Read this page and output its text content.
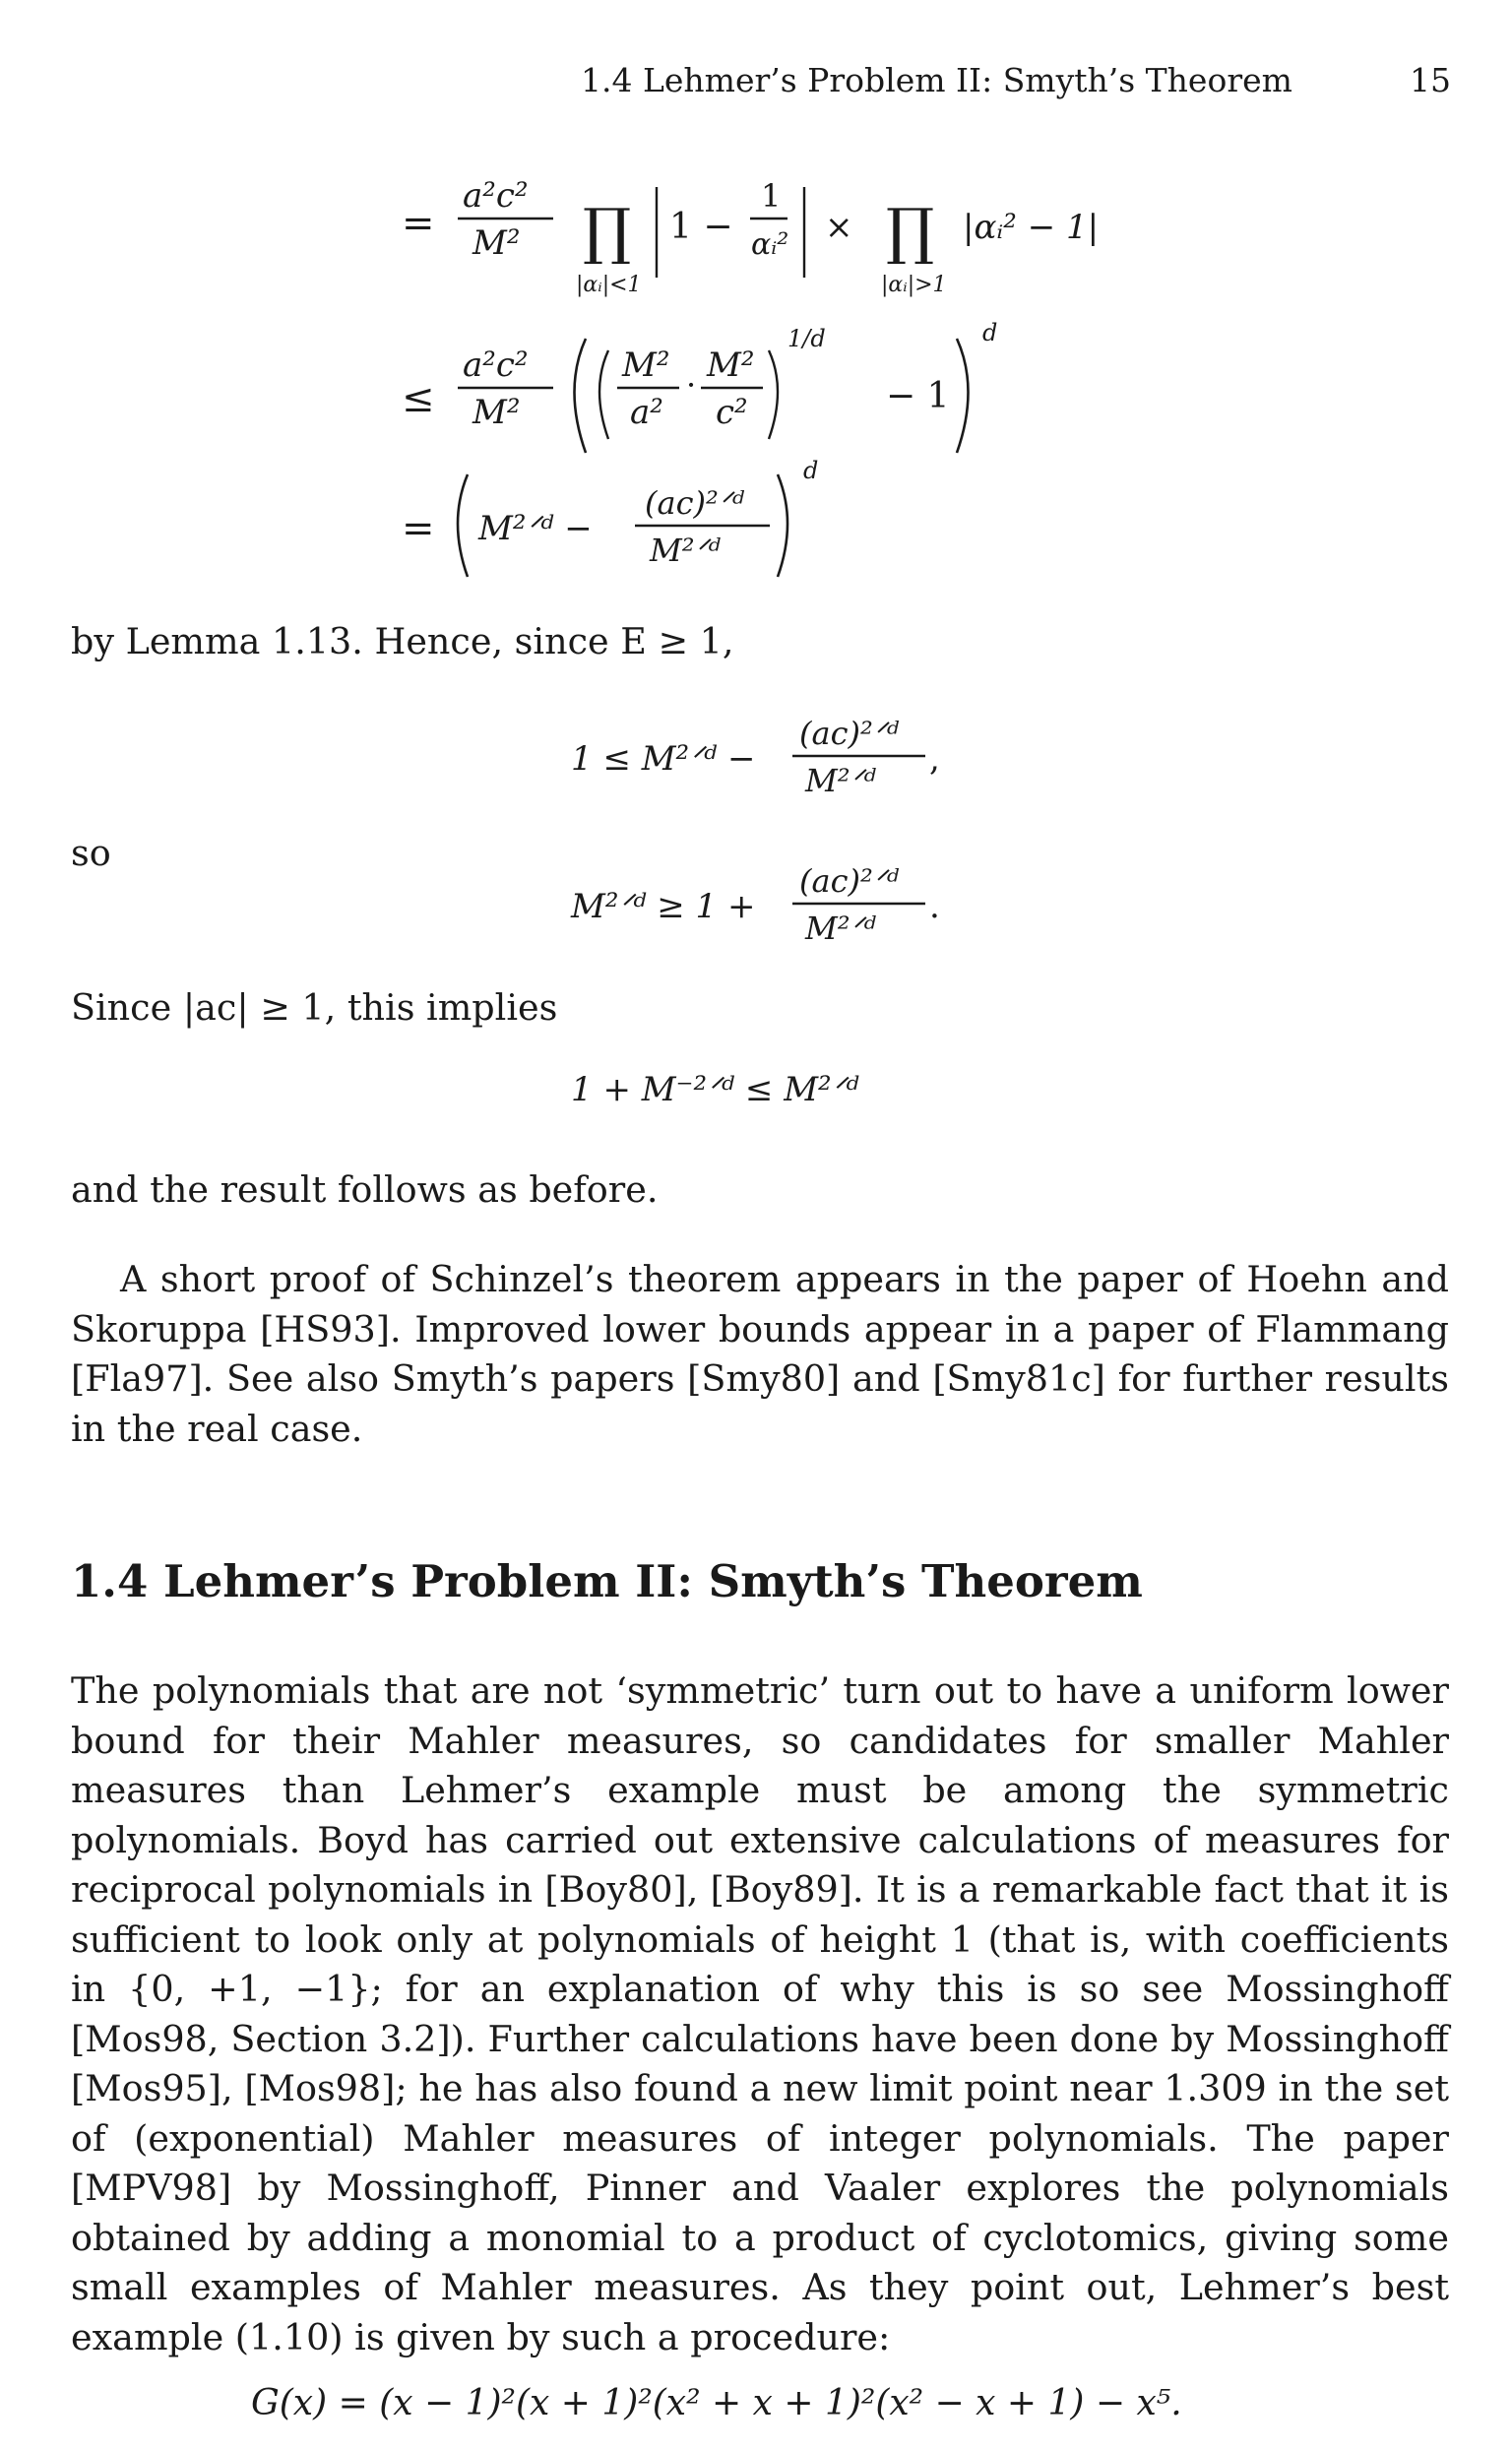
1.4 Lehmer’s Problem II: Smyth’s Theorem	15
=
a²c²
M² ∏
|αᵢ|<1
1 −
1
αᵢ² × ∏
|αᵢ|>1
|αᵢ² − 1|
≤
a²c²
M²
M²
a²
· M²
c²
1/d
− 1
d
= M²ᐟᵈ −
(ac)²ᐟᵈ
M²ᐟᵈ
d
by Lemma 1.13. Hence, since E ≥ 1,
1 ≤ M²ᐟᵈ −
(ac)²ᐟᵈ
M²ᐟᵈ
,
M²ᐟᵈ ≥ 1 +
(ac)²ᐟᵈ
M²ᐟᵈ
.
1 + M⁻²ᐟᵈ ≤ M²ᐟᵈ
so
Since |ac| ≥ 1, this implies
and the result follows as before.

A short proof of Schinzel’s theorem appears in the paper of Hoehn and Skoruppa [HS93]. Improved lower bounds appear in a paper of Flammang [Fla97]. See also Smyth’s papers [Smy80] and [Smy81c] for further results in the real case.

1.4 Lehmer’s Problem II: Smyth’s Theorem

The polynomials that are not ‘symmetric’ turn out to have a uniform lower bound for their Mahler measures, so candidates for smaller Mahler measures than Lehmer’s example must be among the symmetric polynomials. Boyd has carried out extensive calculations of measures for reciprocal polynomials in [Boy80], [Boy89]. It is a remarkable fact that it is sufficient to look only at polynomials of height 1 (that is, with coefficients in {0, +1, −1}; for an explanation of why this is so see Mossinghoff [Mos98, Section 3.2]). Further calculations have been done by Mossinghoff [Mos95], [Mos98]; he has also found a new limit point near 1.309 in the set of (exponential) Mahler measures of integer polynomials. The paper [MPV98] by Mossinghoff, Pinner and Vaaler explores the polynomials obtained by adding a monomial to a product of cyclotomics, giving some small examples of Mahler measures. As they point out, Lehmer’s best example (1.10) is given by such a procedure:

G(x) = (x − 1)²(x + 1)²(x² + x + 1)²(x² − x + 1) − x⁵.
